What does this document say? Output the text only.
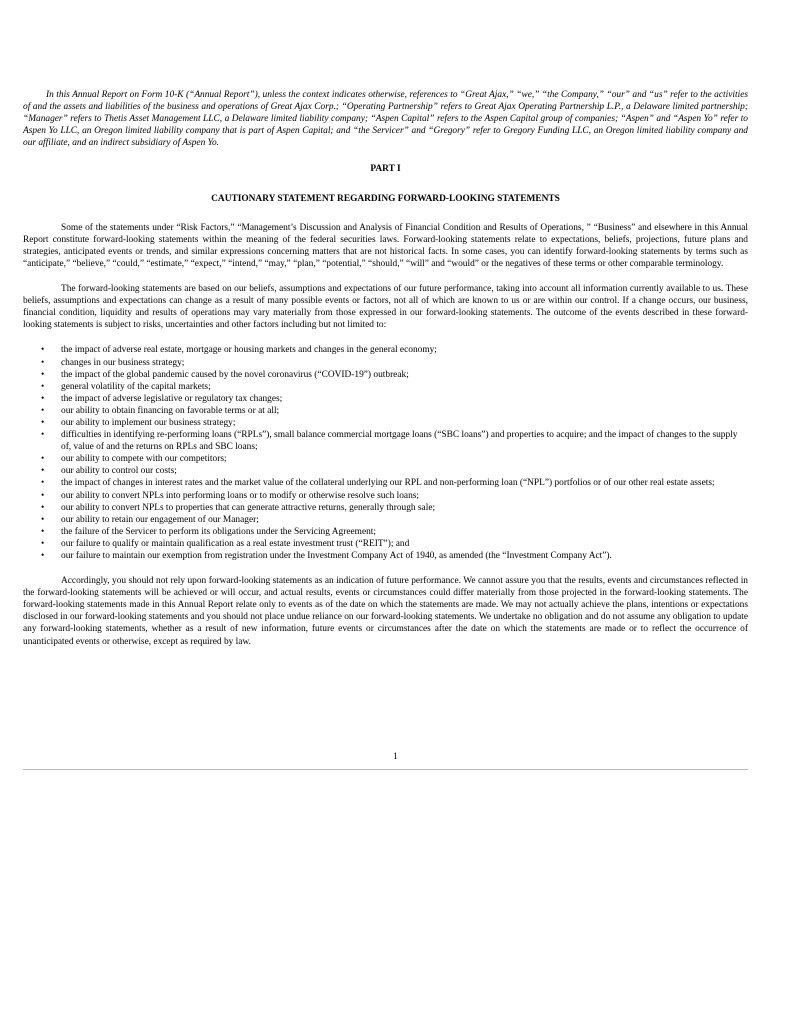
In this Annual Report on Form 10-K (“Annual Report”), unless the context indicates otherwise, references to “Great Ajax,” “we,” “the Company,” “our” and “us” refer to the activities of and the assets and liabilities of the business and operations of Great Ajax Corp.; “Operating Partnership” refers to Great Ajax Operating Partnership L.P., a Delaware limited partnership; “Manager” refers to Thetis Asset Management LLC, a Delaware limited liability company; “Aspen Capital” refers to the Aspen Capital group of companies; “Aspen” and “Aspen Yo” refer to Aspen Yo LLC, an Oregon limited liability company that is part of Aspen Capital; and “the Servicer” and “Gregory” refer to Gregory Funding LLC, an Oregon limited liability company and our affiliate, and an indirect subsidiary of Aspen Yo.

PART I
CAUTIONARY STATEMENT REGARDING FORWARD-LOOKING STATEMENTS

Some of the statements under “Risk Factors,” “Management’s Discussion and Analysis of Financial Condition and Results of Operations, ” “Business” and elsewhere in this Annual Report constitute forward-looking statements within the meaning of the federal securities laws. Forward-looking statements relate to expectations, beliefs, projections, future plans and strategies, anticipated events or trends, and similar expressions concerning matters that are not historical facts. In some cases, you can identify forward-looking statements by terms such as “anticipate,” “believe,” “could,” “estimate,” “expect,” “intend,” “may,” “plan,” “potential,” “should,” “will” and “would” or the negatives of these terms or other comparable terminology.

The forward-looking statements are based on our beliefs, assumptions and expectations of our future performance, taking into account all information currently available to us. These beliefs, assumptions and expectations can change as a result of many possible events or factors, not all of which are known to us or are within our control. If a change occurs, our business, financial condition, liquidity and results of operations may vary materially from those expressed in our forward-looking statements. The outcome of the events described in these forward-looking statements is subject to risks, uncertainties and other factors including but not limited to:

• the impact of adverse real estate, mortgage or housing markets and changes in the general economy;
• changes in our business strategy;
• the impact of the global pandemic caused by the novel coronavirus (“COVID-19”) outbreak;
• general volatility of the capital markets;
• the impact of adverse legislative or regulatory tax changes;
• our ability to obtain financing on favorable terms or at all;
• our ability to implement our business strategy;
• difficulties in identifying re-performing loans (“RPLs”), small balance commercial mortgage loans (“SBC loans”) and properties to acquire; and the impact of changes to the supply of, value of and the returns on RPLs and SBC loans;
• our ability to compete with our competitors;
• our ability to control our costs;
• the impact of changes in interest rates and the market value of the collateral underlying our RPL and non-performing loan (“NPL”) portfolios or of our other real estate assets;
• our ability to convert NPLs into performing loans or to modify or otherwise resolve such loans;
• our ability to convert NPLs to properties that can generate attractive returns, generally through sale;
• our ability to retain our engagement of our Manager;
• the failure of the Servicer to perform its obligations under the Servicing Agreement;
• our failure to qualify or maintain qualification as a real estate investment trust (“REIT”); and
• our failure to maintain our exemption from registration under the Investment Company Act of 1940, as amended (the “Investment Company Act”).

Accordingly, you should not rely upon forward-looking statements as an indication of future performance. We cannot assure you that the results, events and circumstances reflected in the forward-looking statements will be achieved or will occur, and actual results, events or circumstances could differ materially from those projected in the forward-looking statements. The forward-looking statements made in this Annual Report relate only to events as of the date on which the statements are made. We may not actually achieve the plans, intentions or expectations disclosed in our forward-looking statements and you should not place undue reliance on our forward-looking statements. We undertake no obligation and do not assume any obligation to update any forward-looking statements, whether as a result of new information, future events or circumstances after the date on which the statements are made or to reflect the occurrence of unanticipated events or otherwise, except as required by law.

1
